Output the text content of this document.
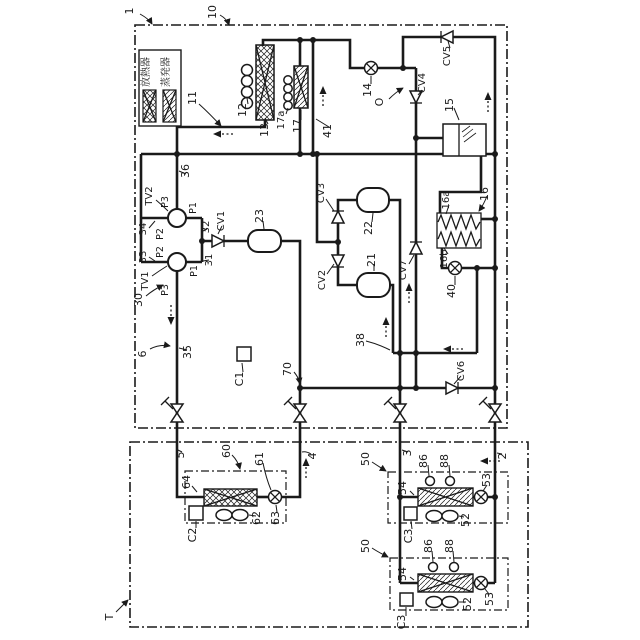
放熱器 蒸発器
1	10
11
12
13
17a 17 41
14
O
CV4
CV5
15
16a 16
16b
40
CV7
CV3
22
CV2
21
23
CV1
32
31
TV2 P3
P1
34 P2
P2
33
P1
TV1 P3
30
36
6	35
C1
70
38
CV6
T
5	60
61
64
62 63
C2
4	50	3
86 88	2
54
53
52
C3
50	86 88
54
53
52
C3
